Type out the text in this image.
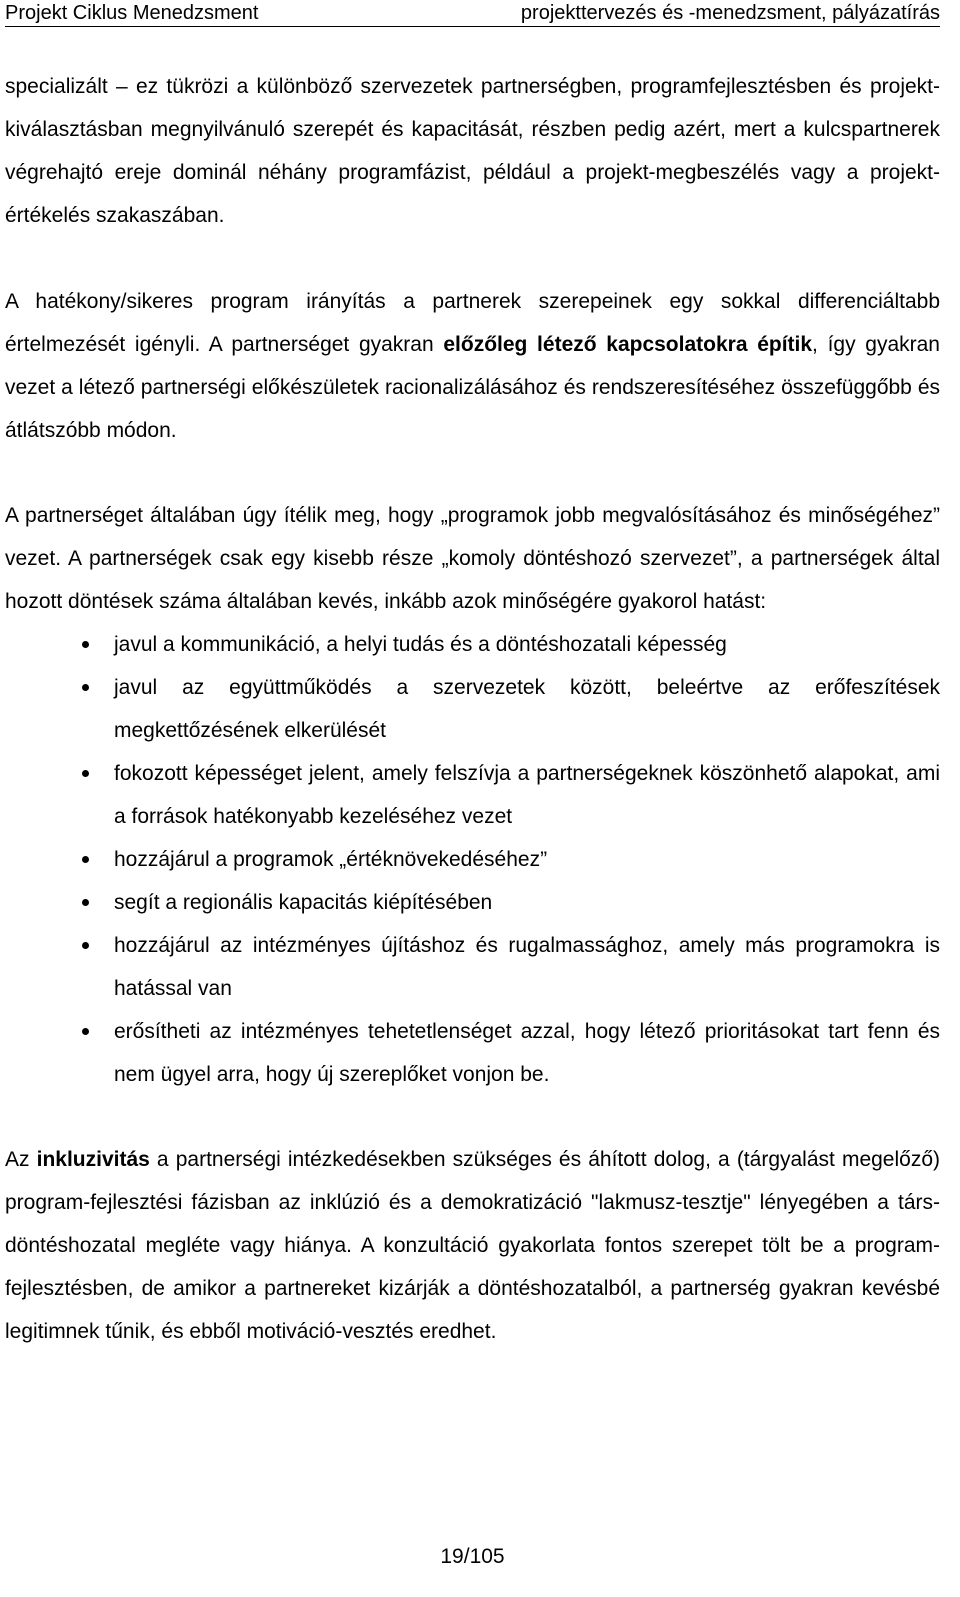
Projekt Ciklus Menedzsment	projekttervezés és -menedzsment, pályázatírás

specializált – ez tükrözi a különböző szervezetek partnerségben, programfejlesztésben és projekt-kiválasztásban megnyilvánuló szerepét és kapacitását, részben pedig azért, mert a kulcspartnerek végrehajtó ereje dominál néhány programfázist, például a projekt-megbeszélés vagy a projekt-értékelés szakaszában.

A hatékony/sikeres program irányítás a partnerek szerepeinek egy sokkal differenciáltabb értelmezését igényli. A partnerséget gyakran előzőleg létező kapcsolatokra építik, így gyakran vezet a létező partnerségi előkészületek racionalizálásához és rendszeresítéséhez összefüggőbb és átlátszóbb módon.

A partnerséget általában úgy ítélik meg, hogy „programok jobb megvalósításához és minőségéhez” vezet. A partnerségek csak egy kisebb része „komoly döntéshozó szervezet”, a partnerségek által hozott döntések száma általában kevés, inkább azok minőségére gyakorol hatást:

javul a kommunikáció, a helyi tudás és a döntéshozatali képesség
javul az együttműködés a szervezetek között, beleértve az erőfeszítések megkettőzésének elkerülését
fokozott képességet jelent, amely felszívja a partnerségeknek köszönhető alapokat, ami a források hatékonyabb kezeléséhez vezet
hozzájárul a programok „értéknövekedéséhez”
segít a regionális kapacitás kiépítésében
hozzájárul az intézményes újításhoz és rugalmassághoz, amely más programokra is hatással van
erősítheti az intézményes tehetetlenséget azzal, hogy létező prioritásokat tart fenn és nem ügyel arra, hogy új szereplőket vonjon be.

Az inkluzivitás a partnerségi intézkedésekben szükséges és áhított dolog, a (tárgyalást megelőző) program-fejlesztési fázisban az inklúzió és a demokratizáció "lakmusz-tesztje" lényegében a társ-döntéshozatal megléte vagy hiánya. A konzultáció gyakorlata fontos szerepet tölt be a program-fejlesztésben, de amikor a partnereket kizárják a döntéshozatalból, a partnerség gyakran kevésbé legitimnek tűnik, és ebből motiváció-vesztés eredhet.

19/105
